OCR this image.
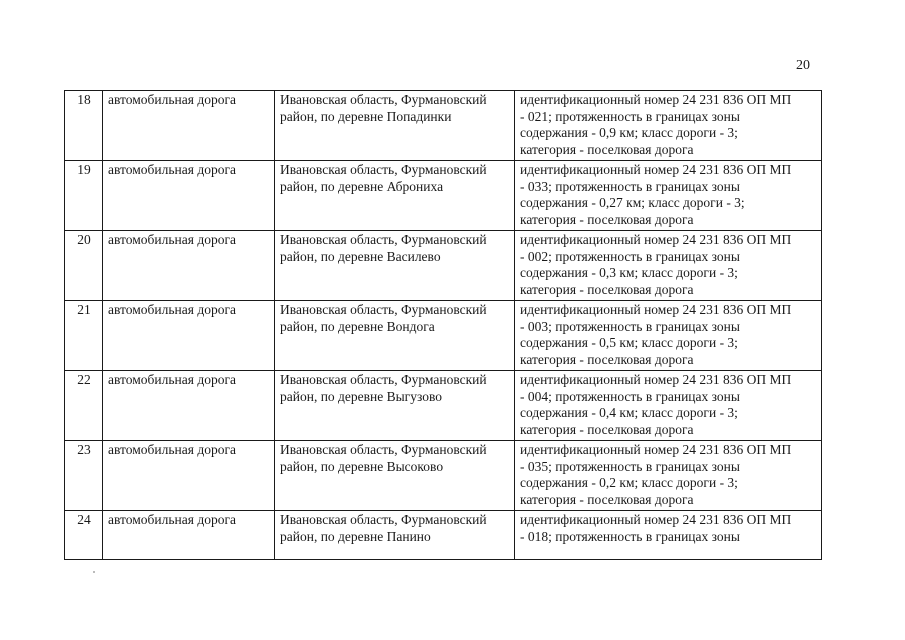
20
18	автомобильная дорога	Ивановская область, Фурмановский район, по деревне Попадинки	идентификационный номер 24 231 836 ОП МП
- 021; протяженность в границах зоны
содержания - 0,9 км; класс дороги - 3;
категория - поселковая дорога
19	автомобильная дорога	Ивановская область, Фурмановский район, по деревне Аброниха	идентификационный номер 24 231 836 ОП МП
- 033; протяженность в границах зоны
содержания - 0,27 км; класс дороги - 3;
категория - поселковая дорога
20	автомобильная дорога	Ивановская область, Фурмановский район, по деревне Василево	идентификационный номер 24 231 836 ОП МП
- 002; протяженность в границах зоны
содержания - 0,3 км; класс дороги - 3;
категория - поселковая дорога
21	автомобильная дорога	Ивановская область, Фурмановский район, по деревне Вондога	идентификационный номер 24 231 836 ОП МП
- 003; протяженность в границах зоны
содержания - 0,5 км; класс дороги - 3;
категория - поселковая дорога
22	автомобильная дорога	Ивановская область, Фурмановский район, по деревне Выгузово	идентификационный номер 24 231 836 ОП МП
- 004; протяженность в границах зоны
содержания - 0,4 км; класс дороги - 3;
категория - поселковая дорога
23	автомобильная дорога	Ивановская область, Фурмановский район, по деревне Высоково	идентификационный номер 24 231 836 ОП МП
- 035; протяженность в границах зоны
содержания - 0,2 км; класс дороги - 3;
категория - поселковая дорога
24	автомобильная дорога	Ивановская область, Фурмановский район, по деревне Панино	идентификационный номер 24 231 836 ОП МП
- 018; протяженность в границах зоны
